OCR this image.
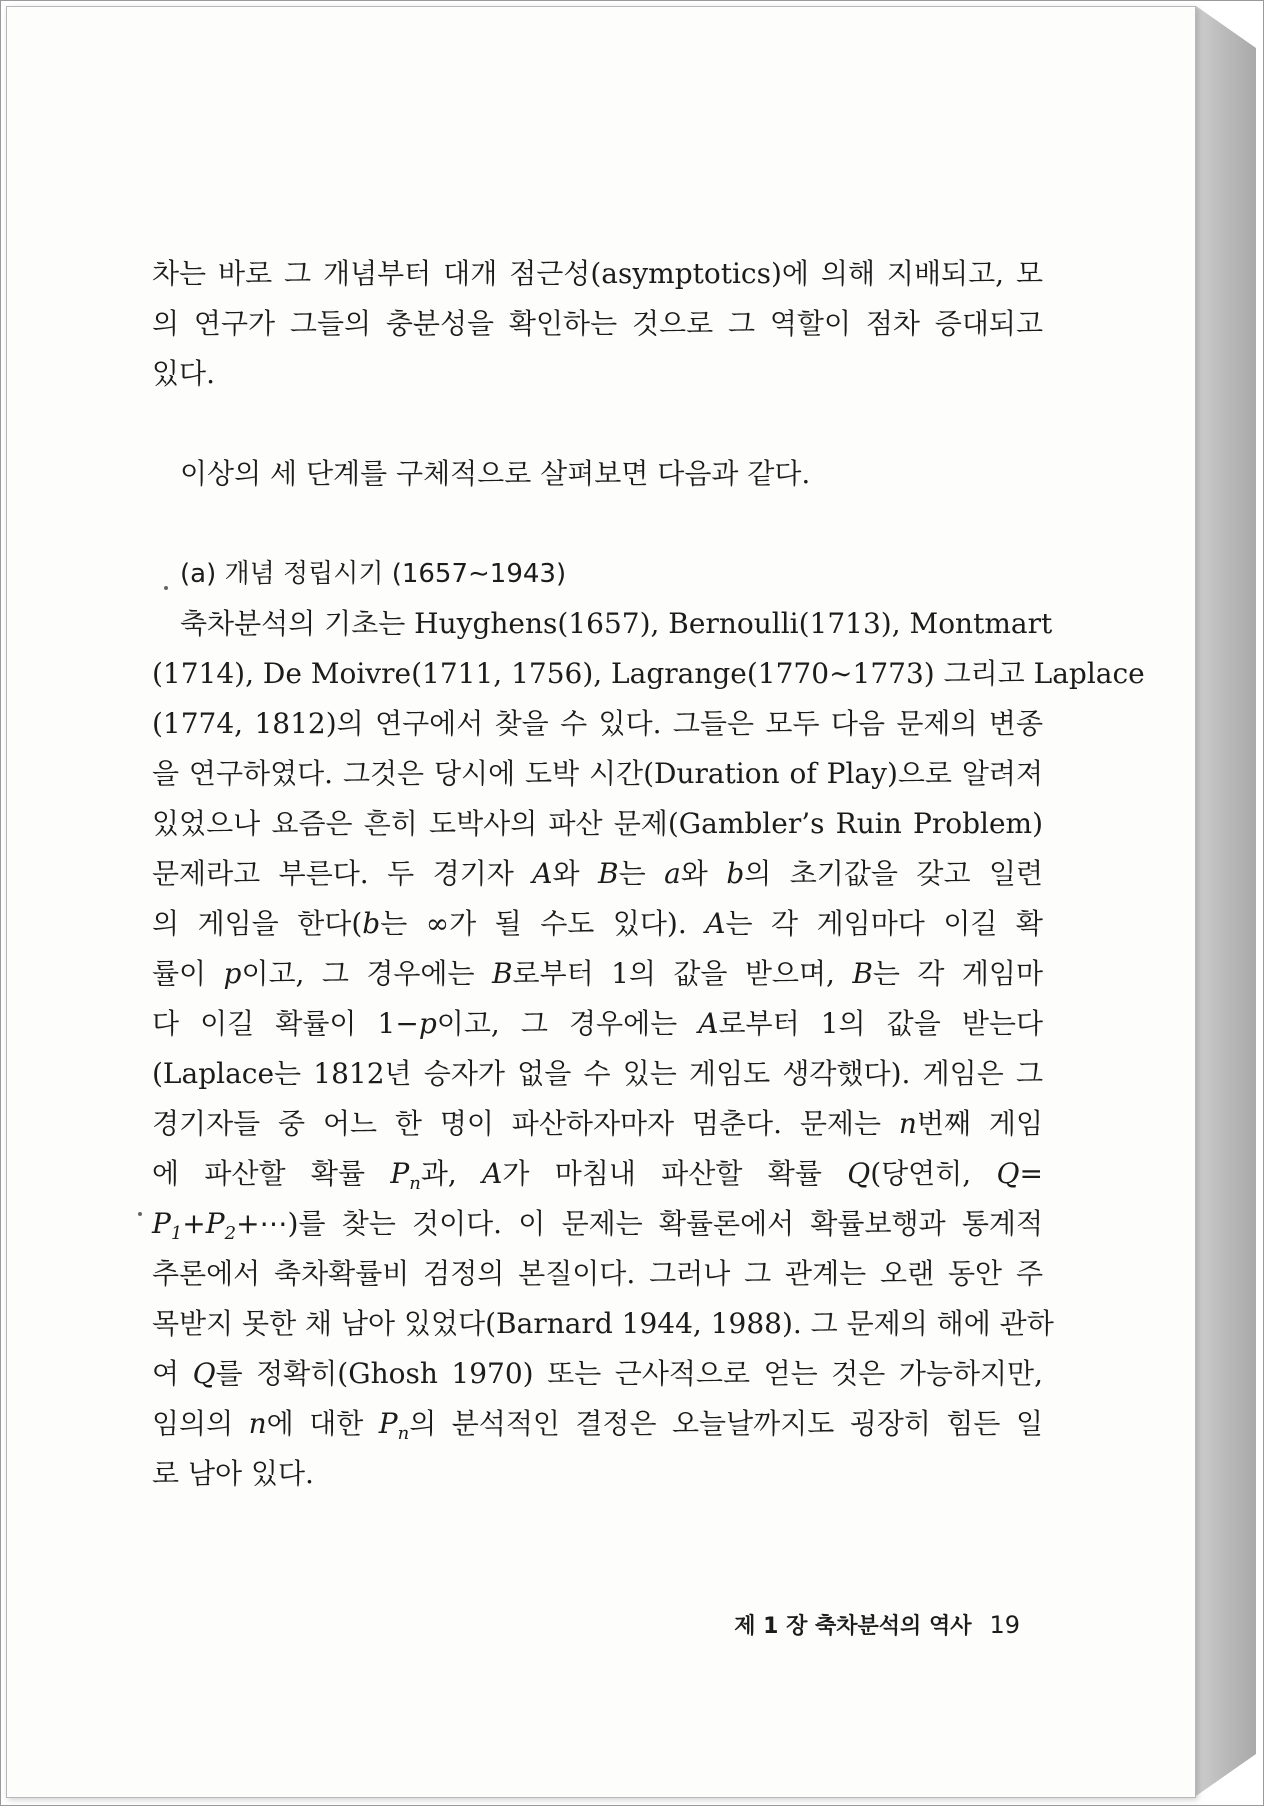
차는 바로 그 개념부터 대개 점근성(asymptotics)에 의해 지배되고, 모
의 연구가 그들의 충분성을 확인하는 것으로 그 역할이 점차 증대되고
있다.
이상의 세 단계를 구체적으로 살펴보면 다음과 같다.
(a) 개념 정립시기 (1657∼1943)
축차분석의 기초는 Huyghens(1657), Bernoulli(1713), Montmart
(1714), De Moivre(1711, 1756), Lagrange(1770∼1773) 그리고 Laplace
(1774, 1812)의 연구에서 찾을 수 있다. 그들은 모두 다음 문제의 변종
을 연구하였다. 그것은 당시에 도박 시간(Duration of Play)으로 알려져
있었으나 요즘은 흔히 도박사의 파산 문제(Gambler’s Ruin Problem)
문제라고 부른다. 두 경기자 A와 B는 a와 b의 초기값을 갖고 일련
의 게임을 한다(b는 ∞가 될 수도 있다). A는 각 게임마다 이길 확
률이 p이고, 그 경우에는 B로부터 1의 값을 받으며, B는 각 게임마
다 이길 확률이 1−p이고, 그 경우에는 A로부터 1의 값을 받는다
(Laplace는 1812년 승자가 없을 수 있는 게임도 생각했다). 게임은 그
경기자들 중 어느 한 명이 파산하자마자 멈춘다. 문제는 n번째 게임
에 파산할 확률 $P_n$과, A가 마침내 파산할 확률 Q(당연히, Q=
$P_1+P_2+\cdots$)를 찾는 것이다. 이 문제는 확률론에서 확률보행과 통계적
추론에서 축차확률비 검정의 본질이다. 그러나 그 관계는 오랜 동안 주
목받지 못한 채 남아 있었다(Barnard 1944, 1988). 그 문제의 해에 관하
여 Q를 정확히(Ghosh 1970) 또는 근사적으로 얻는 것은 가능하지만,
임의의 n에 대한 $P_n$의 분석적인 결정은 오늘날까지도 굉장히 힘든 일
로 남아 있다.
제 1 장 축차분석의 역사 19
